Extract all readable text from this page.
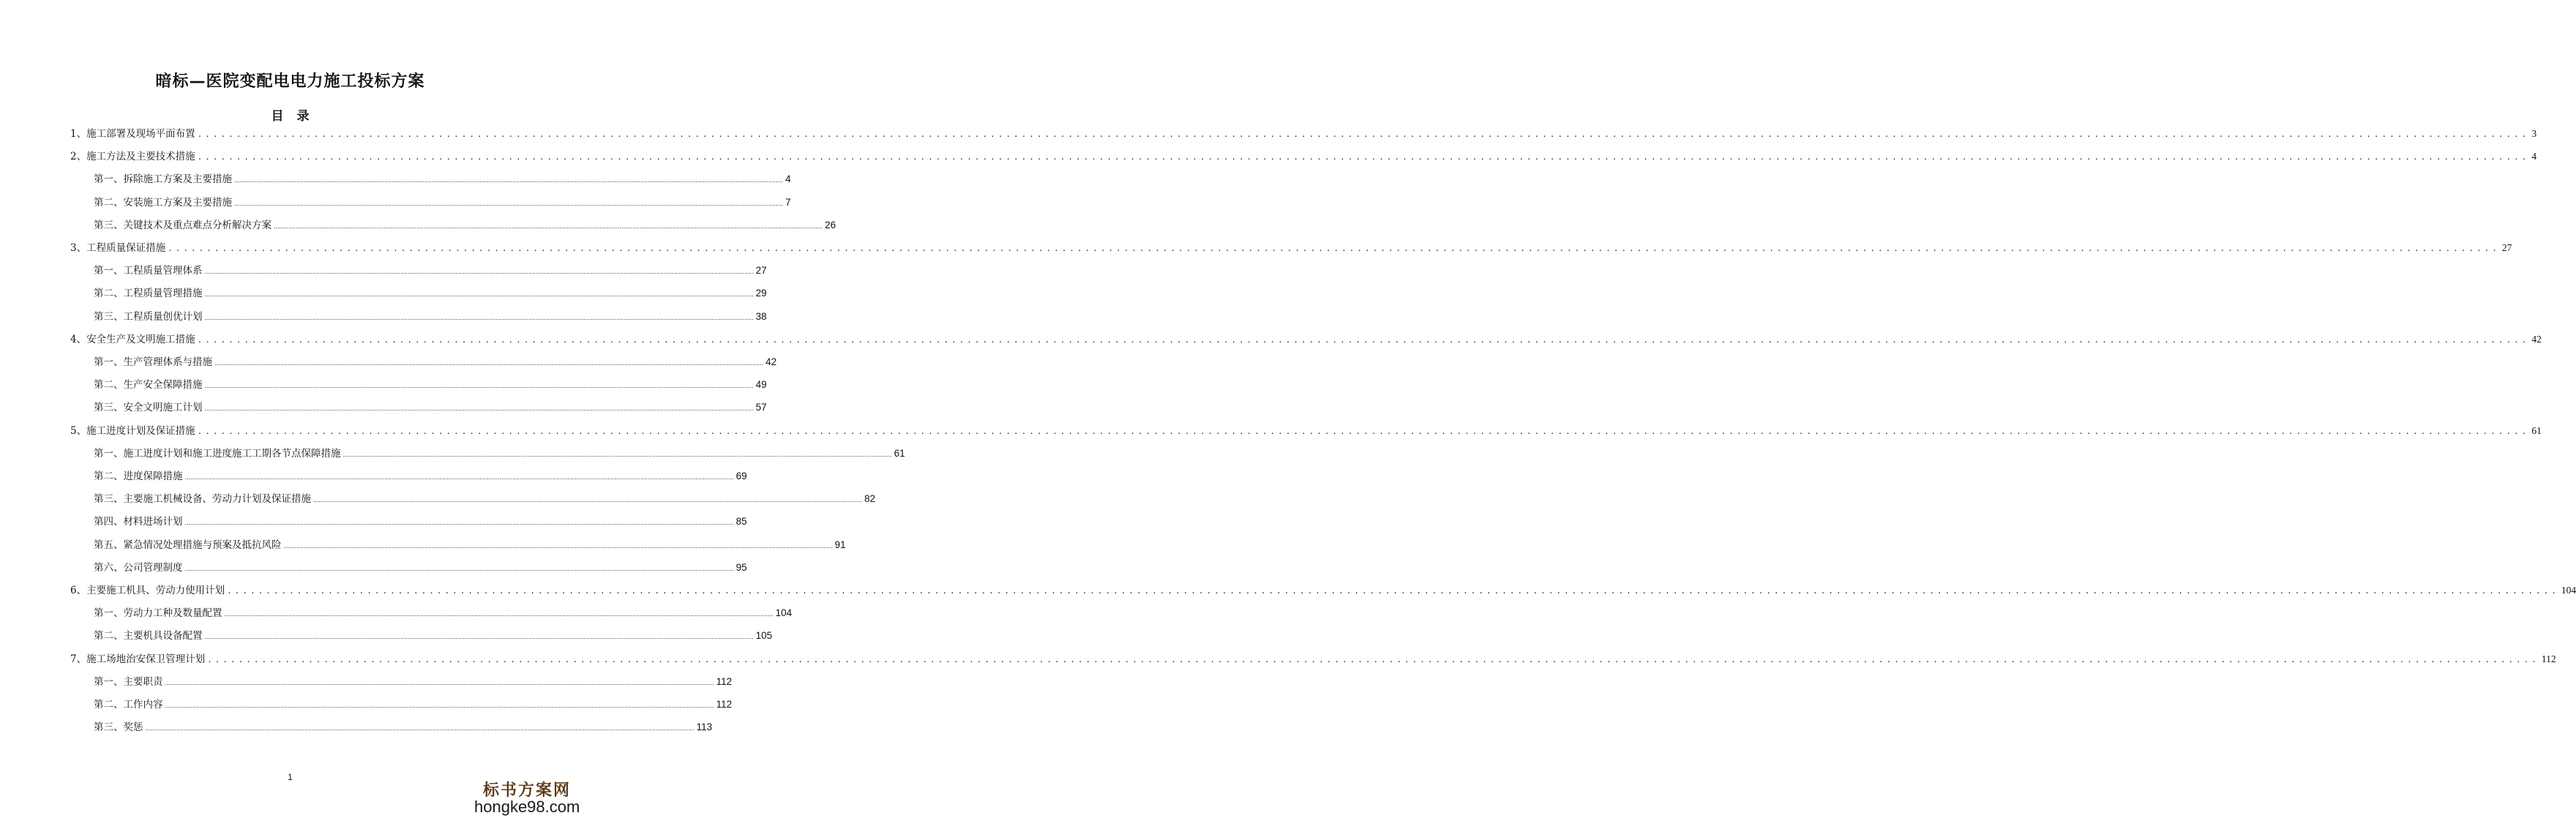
暗标—医院变配电电力施工投标方案
目 录
1、施工部署及现场平面布置 ............................................................................................................................................................................................................................................................................................................ 3
2、施工方法及主要技术措施 ............................................................................................................................................................................................................................................................................................................ 4
第一、拆除施工方案及主要措施 ............................................................................................................................................................................................................................................................................................................ 4
第二、安装施工方案及主要措施 ............................................................................................................................................................................................................................................................................................................ 7
第三、关键技术及重点难点分析解决方案 ............................................................................................................................................................................................................................................................................................................ 26
3、工程质量保证措施 ............................................................................................................................................................................................................................................................................................................ 27
第一、工程质量管理体系 ............................................................................................................................................................................................................................................................................................................ 27
第二、工程质量管理措施 ............................................................................................................................................................................................................................................................................................................ 29
第三、工程质量创优计划 ............................................................................................................................................................................................................................................................................................................ 38
4、安全生产及文明施工措施 ............................................................................................................................................................................................................................................................................................................ 42
第一、生产管理体系与措施 ............................................................................................................................................................................................................................................................................................................ 42
第二、生产安全保障措施 ............................................................................................................................................................................................................................................................................................................ 49
第三、安全文明施工计划 ............................................................................................................................................................................................................................................................................................................ 57
5、施工进度计划及保证措施 ............................................................................................................................................................................................................................................................................................................ 61
第一、施工进度计划和施工进度施工工期各节点保障措施 ............................................................................................................................................................................................................................................................................................................ 61
第二、进度保障措施 ............................................................................................................................................................................................................................................................................................................ 69
第三、主要施工机械设备、劳动力计划及保证措施 ............................................................................................................................................................................................................................................................................................................ 82
第四、材料进场计划 ............................................................................................................................................................................................................................................................................................................ 85
第五、紧急情况处理措施与预案及抵抗风险 ............................................................................................................................................................................................................................................................................................................ 91
第六、公司管理制度 ............................................................................................................................................................................................................................................................................................................ 95
6、主要施工机具、劳动力使用计划 ............................................................................................................................................................................................................................................................................................................ 104
第一、劳动力工种及数量配置 ............................................................................................................................................................................................................................................................................................................ 104
第二、主要机具设备配置 ............................................................................................................................................................................................................................................................................................................ 105
7、施工场地治安保卫管理计划 ............................................................................................................................................................................................................................................................................................................ 112
第一、主要职责 ............................................................................................................................................................................................................................................................................................................ 112
第二、工作内容 ............................................................................................................................................................................................................................................................................................................ 112
第三、奖惩 ............................................................................................................................................................................................................................................................................................................ 113
1
标书方案网
hongke98.com
